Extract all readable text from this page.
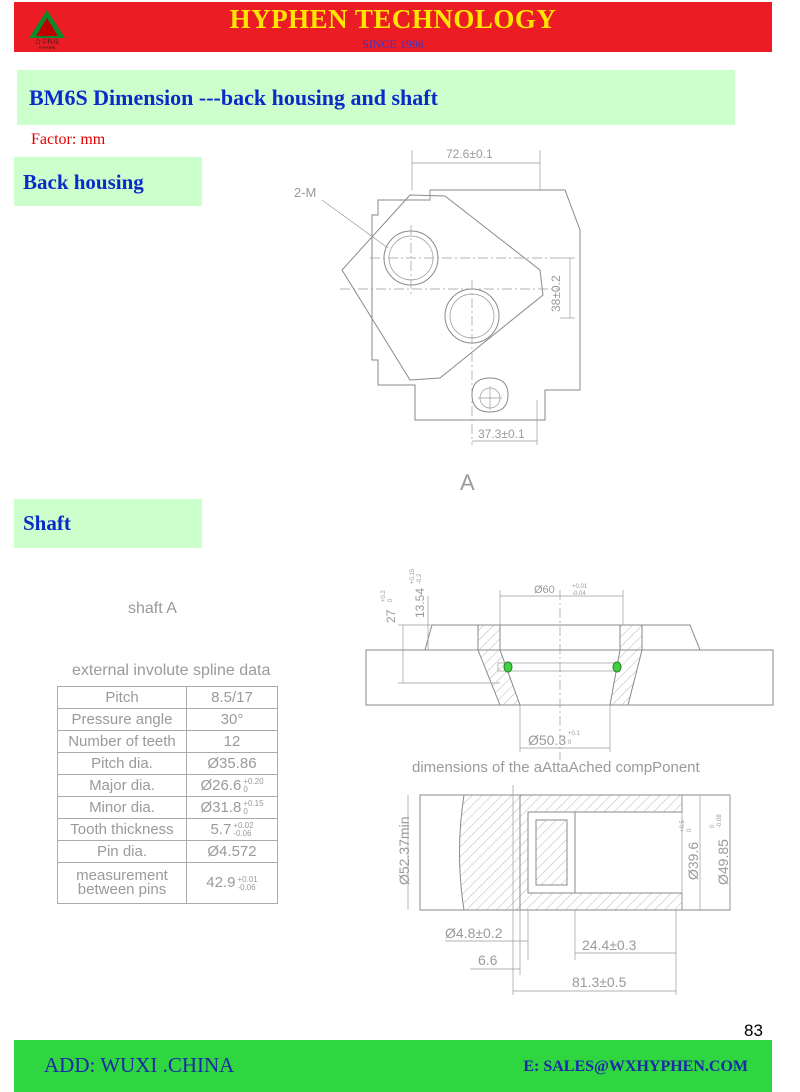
合丰科技
HYPHEN
HYPHEN TECHNOLOGY
SINCE 1996
BM6S Dimension ---back housing and shaft
Factor: mm
Back housing
Shaft
72.6±0.1
2-M
38±0.2
37.3±0.1
A
Ø60	+0.01
-0.04
27
+0.2 0 13.54
+0.15 -0.2
Ø50.3 +0.1
0
dimensions of the aAttaAched compPonent
Ø52.37min	Ø39.6
+0.5 0
Ø49.85
0 -0.08
Ø4.8±0.2
24.4±0.3
6.6
81.3±0.5
shaft A
external involute spline data
Pitch	8.5/17
Pressure angle	30°
Number of teeth	12
Pitch dia.	Ø35.86
Major dia.	Ø26.6 +0.20
0
Minor dia.	Ø31.8 +0.15
0
Tooth thickness	5.7 +0.02
-0.06
Pin dia.	Ø4.572
measurement
between pins	42.9 +0.01
-0.06
83
ADD: WUXI .CHINA	E: SALES@WXHYPHEN.COM
